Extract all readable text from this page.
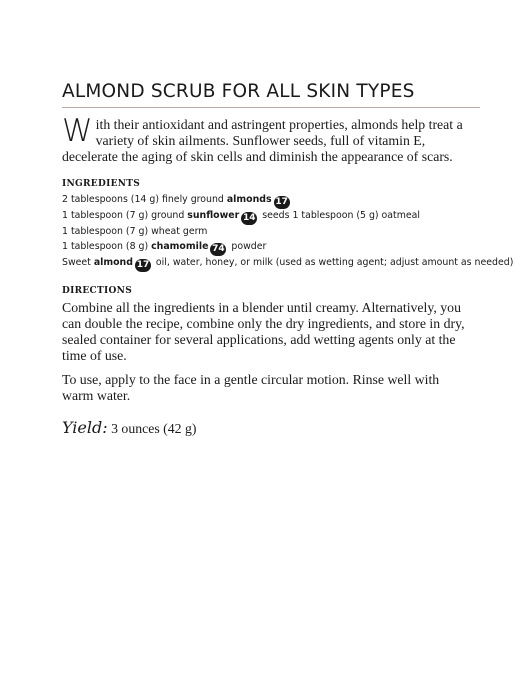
ALMOND SCRUB FOR ALL SKIN TYPES

With their antioxidant and astringent properties, almonds help treat a variety of skin ailments. Sunflower seeds, full of vitamin E, decelerate the aging of skin cells and diminish the appearance of scars.

INGREDIENTS
2 tablespoons (14 g) finely ground almonds 17
1 tablespoon (7 g) ground sunflower 14 seeds 1 tablespoon (5 g) oatmeal
1 tablespoon (7 g) wheat germ
1 tablespoon (8 g) chamomile 74 powder
Sweet almond 17 oil, water, honey, or milk (used as wetting agent; adjust amount as needed)
DIRECTIONS

Combine all the ingredients in a blender until creamy. Alternatively, you can double the recipe, combine only the dry ingredients, and store in dry, sealed container for several applications, add wetting agents only at the time of use.

To use, apply to the face in a gentle circular motion. Rinse well with warm water.

Yield: 3 ounces (42 g)
